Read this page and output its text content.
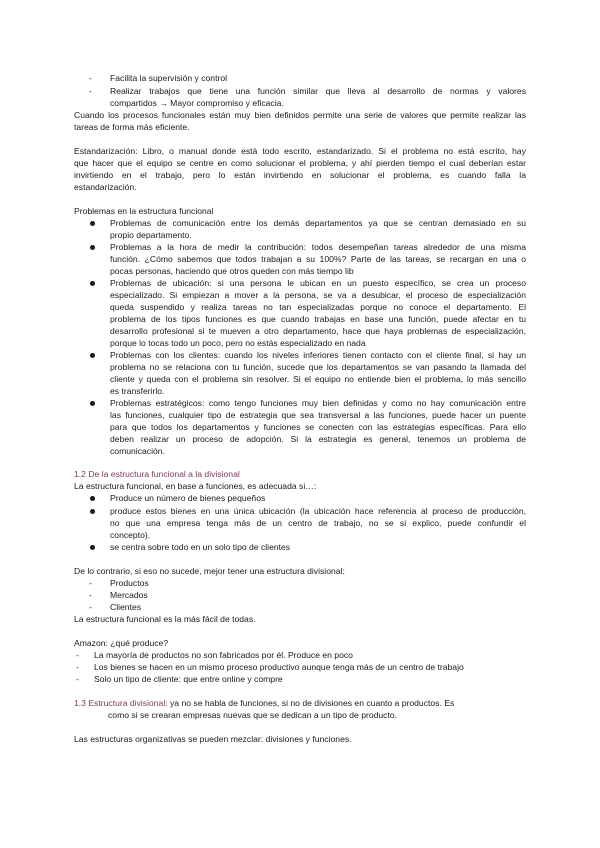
- Facilita la supervisión y control
- Realizar trabajos que tiene una función similar que lleva al desarrollo de normas y valores
compartidos → Mayor compromiso y eficacia.
Cuando los procesos funcionales están muy bien definidos permite una serie de valores que permite realizar las
tareas de forma más eficiente.
Estandarización: Libro, o manual donde está todo escrito, estandarizado. Si el problema no está escrito, hay
que hacer que el equipo se centre en como solucionar el problema, y ahí pierden tiempo el cual deberían estar
invirtiendo en el trabajo, pero lo están invirtiendo en solucionar el problema, es cuando falla la
estandarización.
Problemas en la estructura funcional
Problemas de comunicación entre los demás departamentos ya que se centran demasiado en su
propio departamento.
Problemas a la hora de medir la contribución: todos desempeñan tareas alrededor de una misma
función. ¿Cómo sabemos que todos trabajan a su 100%? Parte de las tareas, se recargan en una o
pocas personas, haciendo que otros queden con más tiempo lib
Problemas de ubicación: si una persona le ubican en un puesto específico, se crea un proceso
especializado. Si empiezan a mover a la persona, se va a desubicar, el proceso de especialización
queda suspendido y realiza tareas no tan especializadas porque no conoce el departamento. El
problema de los tipos funciones es que cuando trabajas en base una función, puede afectar en tu
desarrollo profesional si te mueven a otro departamento, hace que haya problemas de especialización,
porque lo tocas todo un poco, pero no estás especializado en nada
Problemas con los clientes: cuando los niveles inferiores tienen contacto con el cliente final, si hay un
problema no se relaciona con tu función, sucede que los departamentos se van pasando la llamada del
cliente y queda con el problema sin resolver. Si el equipo no entiende bien el problema, lo más sencillo
es transferirlo.
Problemas estratégicos: como tengo funciones muy bien definidas y como no hay comunicación entre
las funciones, cualquier tipo de estrategia que sea transversal a las funciones, puede hacer un puente
para que todos los departamentos y funciones se conecten con las estrategias específicas. Para ello
deben realizar un proceso de adopción. Si la estrategia es general, tenemos un problema de
comunicación.
1.2 De la estructura funcional a la divisional
La estructura funcional, en base a funciones, es adecuada si…:
Produce un número de bienes pequeños
produce estos bienes en una única ubicación (la ubicación hace referencia al proceso de producción,
no que una empresa tenga más de un centro de trabajo, no se si explico, puede confundir el
concepto).
se centra sobre todo en un solo tipo de clientes
De lo contrario, si eso no sucede, mejor tener una estructura divisional:
- Productos
- Mercados
- Clientes
La estructura funcional es la más fácil de todas.
Amazon: ¿qué produce?
- La mayoría de productos no son fabricados por él. Produce en poco
- Los bienes se hacen en un mismo proceso productivo aunque tenga más de un centro de trabajo
- Solo un tipo de cliente: que entre online y compre
1.3 Estructura divisional: ya no se habla de funciones, si no de divisiones en cuanto a productos. Es
como si se crearan empresas nuevas que se dedican a un tipo de producto.
Las estructuras organizativas se pueden mezclar: divisiones y funciones.
